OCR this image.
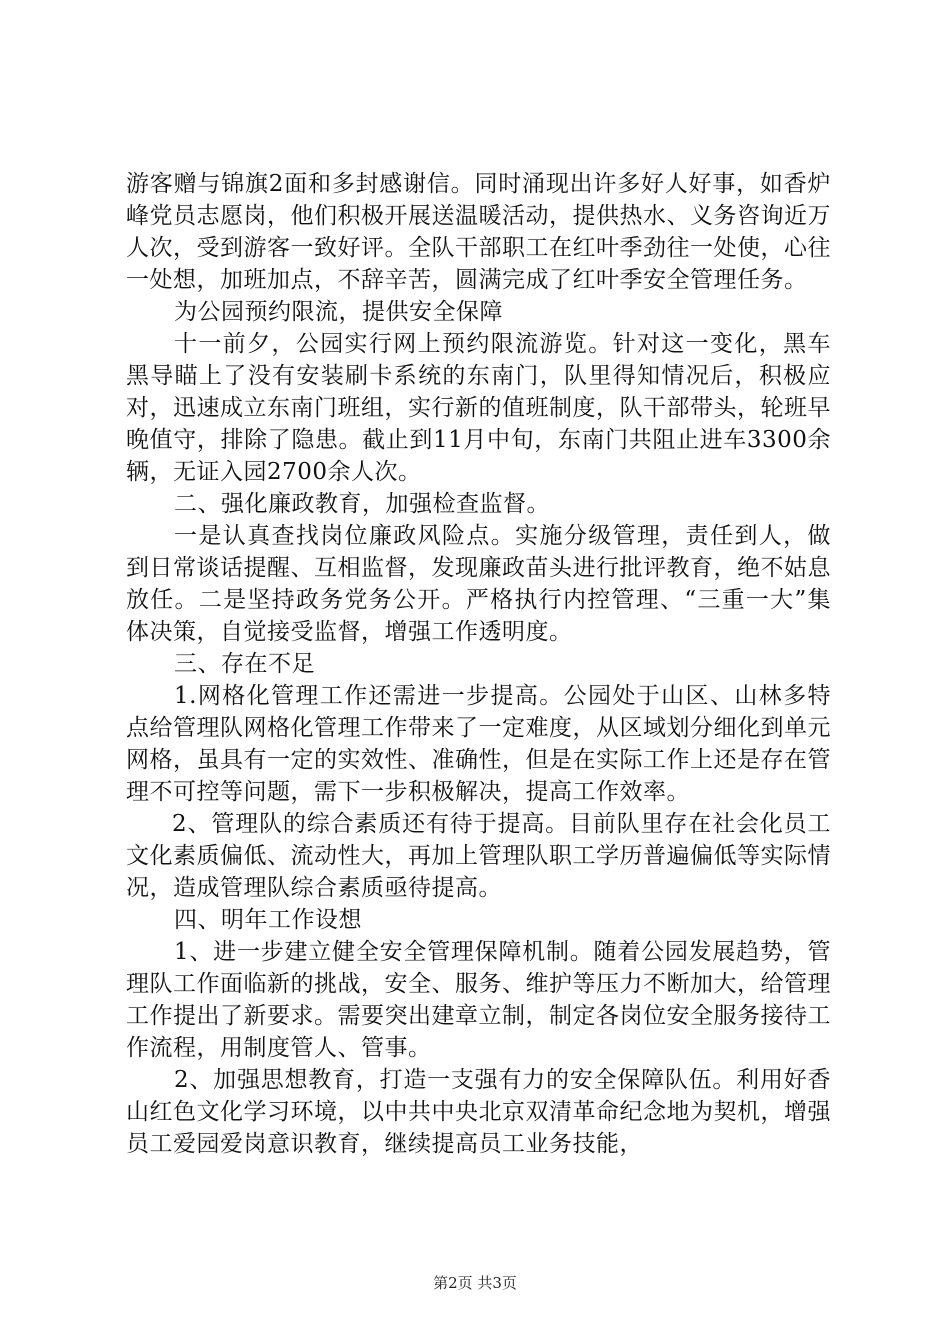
游客赠与锦旗2面和多封感谢信。同时涌现出许多好人好事，如香炉峰党员志愿岗，他们积极开展送温暖活动，提供热水、义务咨询近万人次，受到游客一致好评。全队干部职工在红叶季劲往一处使，心往一处想，加班加点，不辞辛苦，圆满完成了红叶季安全管理任务。

为公园预约限流，提供安全保障

十一前夕，公园实行网上预约限流游览。针对这一变化，黑车黑导瞄上了没有安装刷卡系统的东南门，队里得知情况后，积极应对，迅速成立东南门班组，实行新的值班制度，队干部带头，轮班早晚值守，排除了隐患。截止到11月中旬，东南门共阻止进车3300余辆，无证入园2700余人次。

二、强化廉政教育，加强检查监督。

一是认真查找岗位廉政风险点。实施分级管理，责任到人，做到日常谈话提醒、互相监督，发现廉政苗头进行批评教育，绝不姑息放任。二是坚持政务党务公开。严格执行内控管理、“三重一大”集体决策，自觉接受监督，增强工作透明度。

三、存在不足

1.网格化管理工作还需进一步提高。公园处于山区、山林多特点给管理队网格化管理工作带来了一定难度，从区域划分细化到单元网格，虽具有一定的实效性、准确性，但是在实际工作上还是存在管理不可控等问题，需下一步积极解决，提高工作效率。

2、管理队的综合素质还有待于提高。目前队里存在社会化员工文化素质偏低、流动性大，再加上管理队职工学历普遍偏低等实际情况，造成管理队综合素质亟待提高。

四、明年工作设想

1、进一步建立健全安全管理保障机制。随着公园发展趋势，管理队工作面临新的挑战，安全、服务、维护等压力不断加大，给管理工作提出了新要求。需要突出建章立制，制定各岗位安全服务接待工作流程，用制度管人、管事。

2、加强思想教育，打造一支强有力的安全保障队伍。利用好香山红色文化学习环境，以中共中央北京双清革命纪念地为契机，增强员工爱园爱岗意识教育，继续提高员工业务技能，

第2页 共3页
